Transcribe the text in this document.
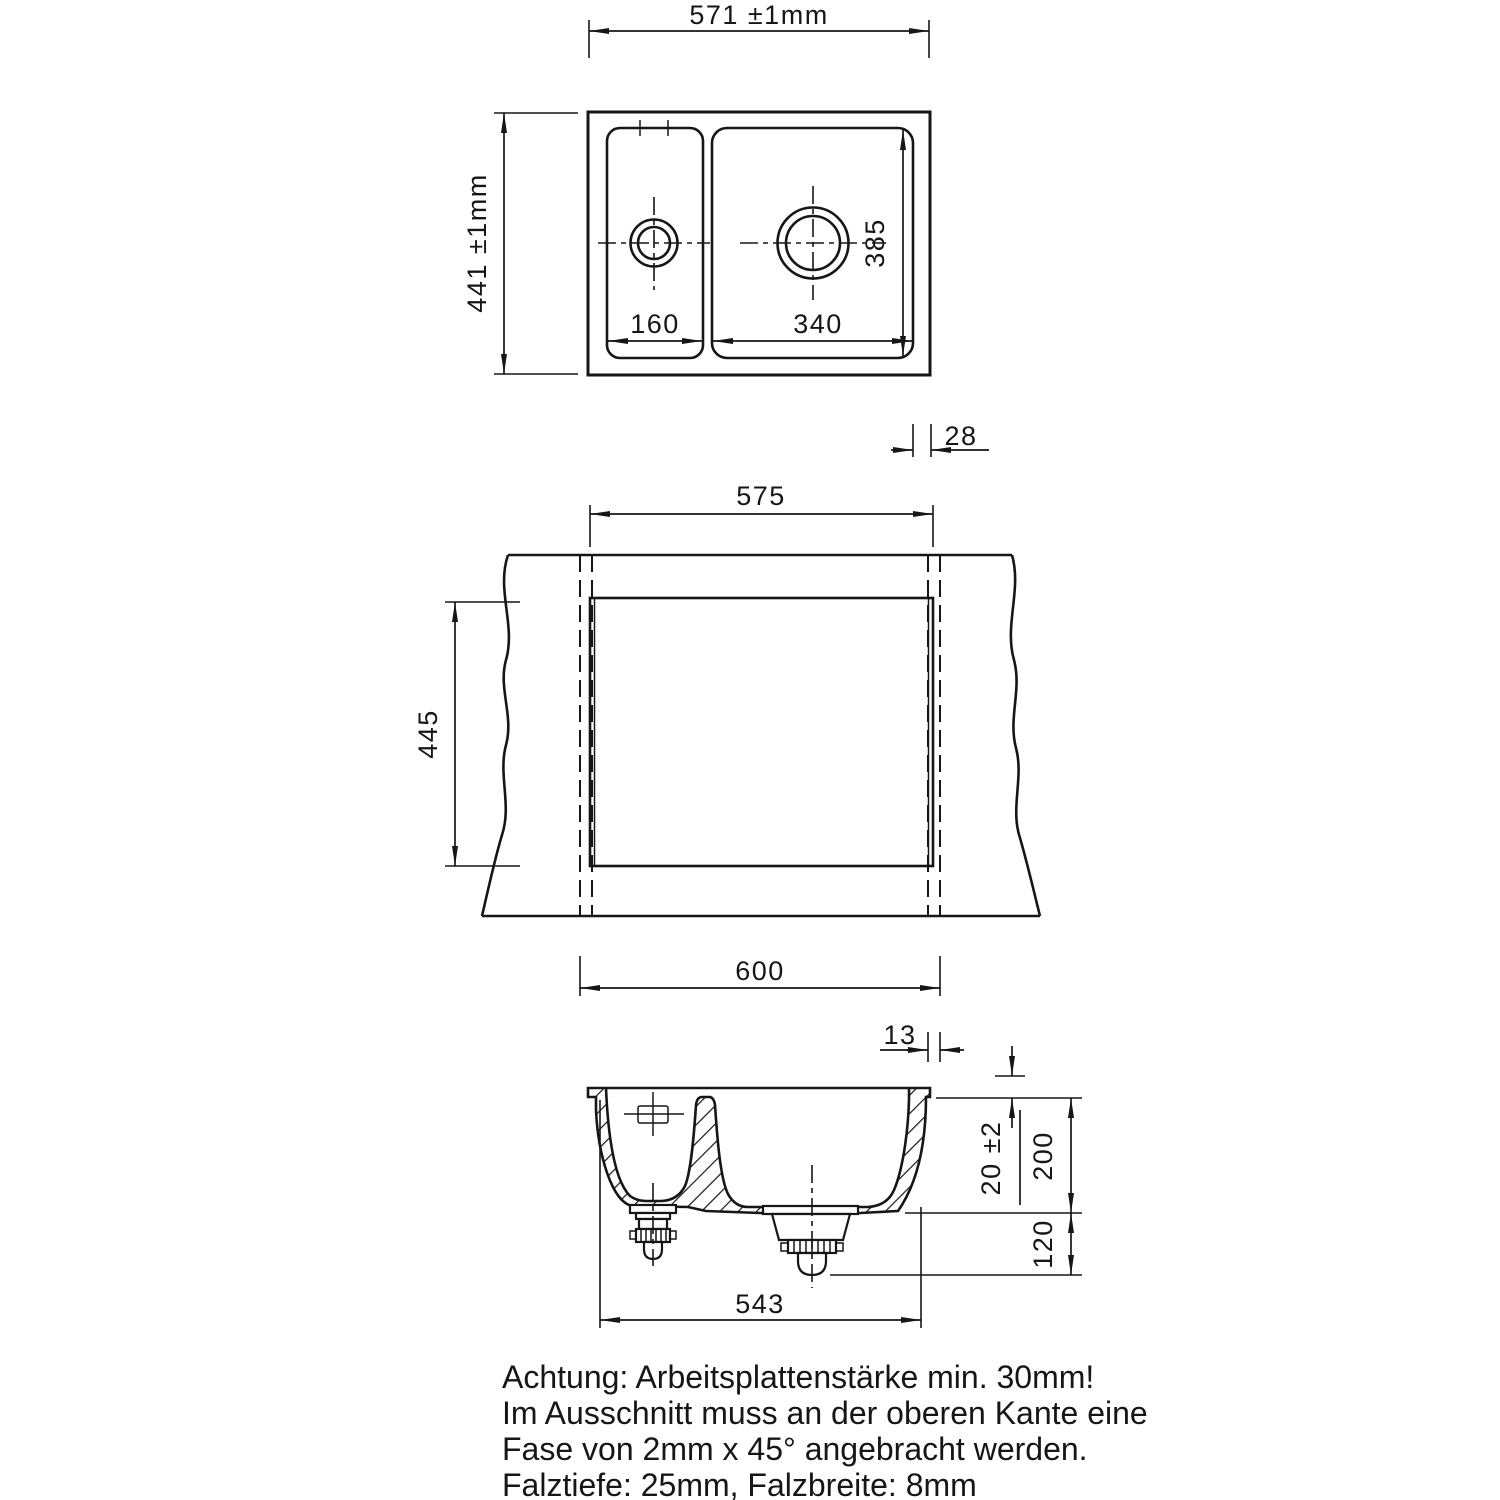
571 ±1mm
441 ±1mm
160	340
385
28
575
445
600
13
20 ±2 200
120
543
Achtung: Arbeitsplattenstärke min. 30mm!
Im Ausschnitt muss an der oberen Kante eine
Fase von 2mm x 45° angebracht werden.
Falztiefe: 25mm, Falzbreite: 8mm
